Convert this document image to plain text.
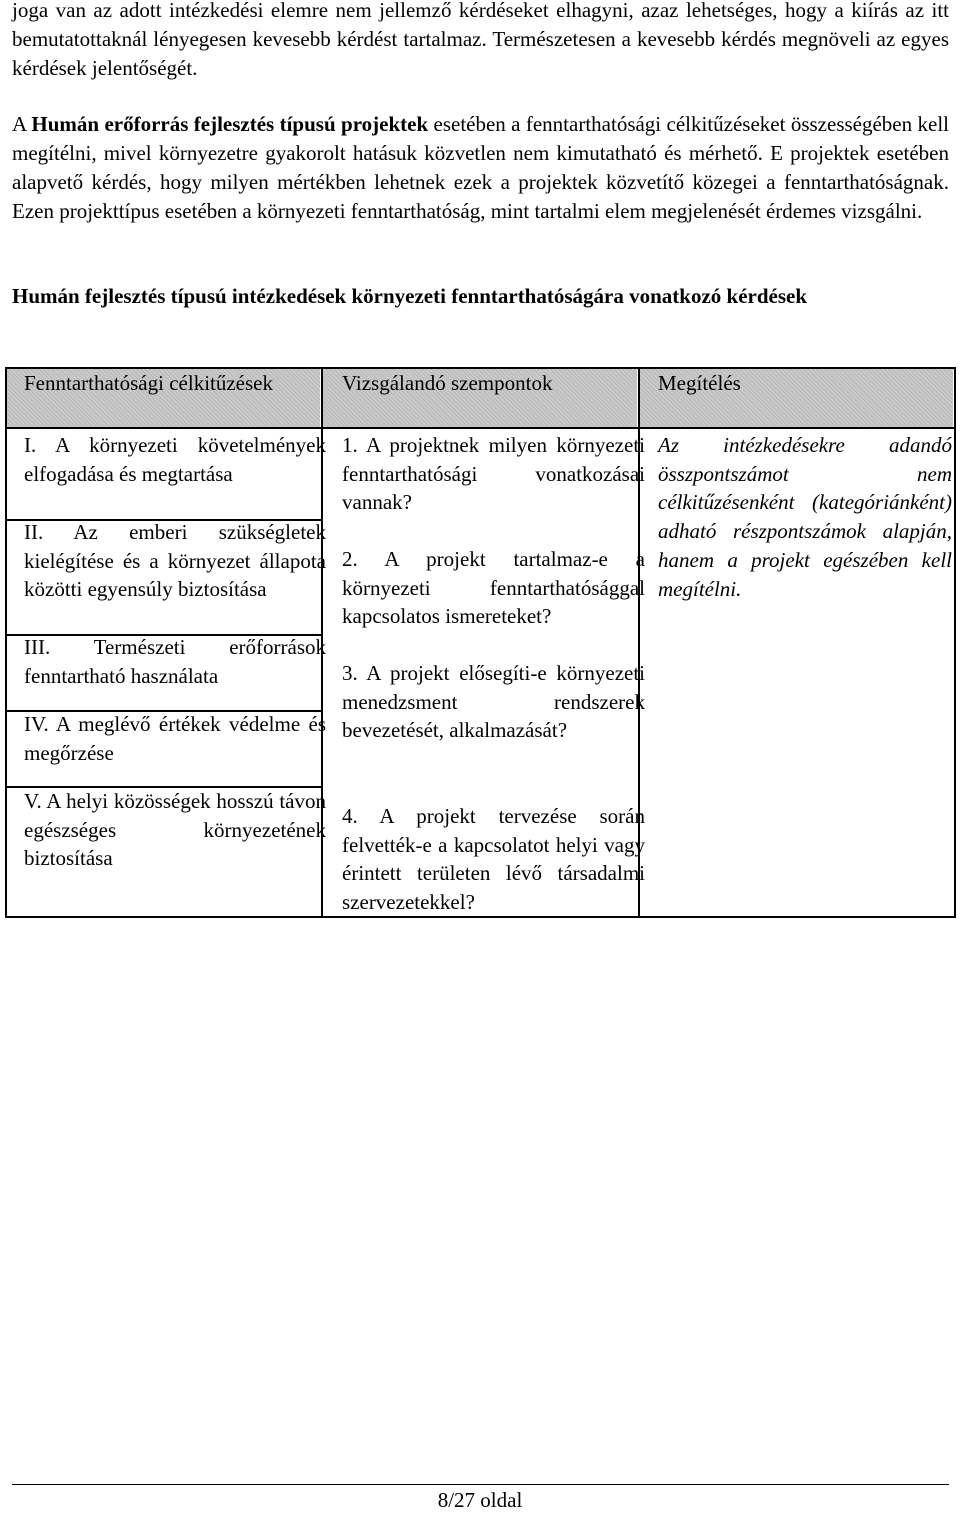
joga van az adott intézkedési elemre nem jellemző kérdéseket elhagyni, azaz lehetséges, hogy a kiírás az itt bemutatottaknál lényegesen kevesebb kérdést tartalmaz. Természetesen a kevesebb kérdés megnöveli az egyes kérdések jelentőségét.

A Humán erőforrás fejlesztés típusú projektek esetében a fenntarthatósági célkitűzéseket összességében kell megítélni, mivel környezetre gyakorolt hatásuk közvetlen nem kimutatható és mérhető. E projektek esetében alapvető kérdés, hogy milyen mértékben lehetnek ezek a projektek közvetítő közegei a fenntarthatóságnak. Ezen projekttípus esetében a környezeti fenntarthatóság, mint tartalmi elem megjelenését érdemes vizsgálni.

Humán fejlesztés típusú intézkedések környezeti fenntarthatóságára vonatkozó kérdések
Fenntarthatósági célkitűzések	Vizsgálandó szempontok	Megítélés
I. A környezeti követelmények elfogadása és megtartása
II. Az emberi szükségletek kielégítése és a környezet állapota közötti egyensúly biztosítása
III. Természeti erőforrások fenntartható használata
IV. A meglévő értékek védelme és megőrzése
V. A helyi közösségek hosszú távon egészséges környezetének biztosítása
1. A projektnek milyen környezeti fenntarthatósági vonatkozásai vannak?
2. A projekt tartalmaz-e a környezeti fenntarthatósággal kapcsolatos ismereteket?
3. A projekt elősegíti-e környezeti menedzsment rendszerek bevezetését, alkalmazását?
4. A projekt tervezése során felvették-e a kapcsolatot helyi vagy érintett területen lévő társadalmi szervezetekkel?
Az intézkedésekre adandó összpontszámot nem célkitűzésenként (kategóriánként) adható részpontszámok alapján, hanem a projekt egészében kell megítélni.
8/27 oldal
